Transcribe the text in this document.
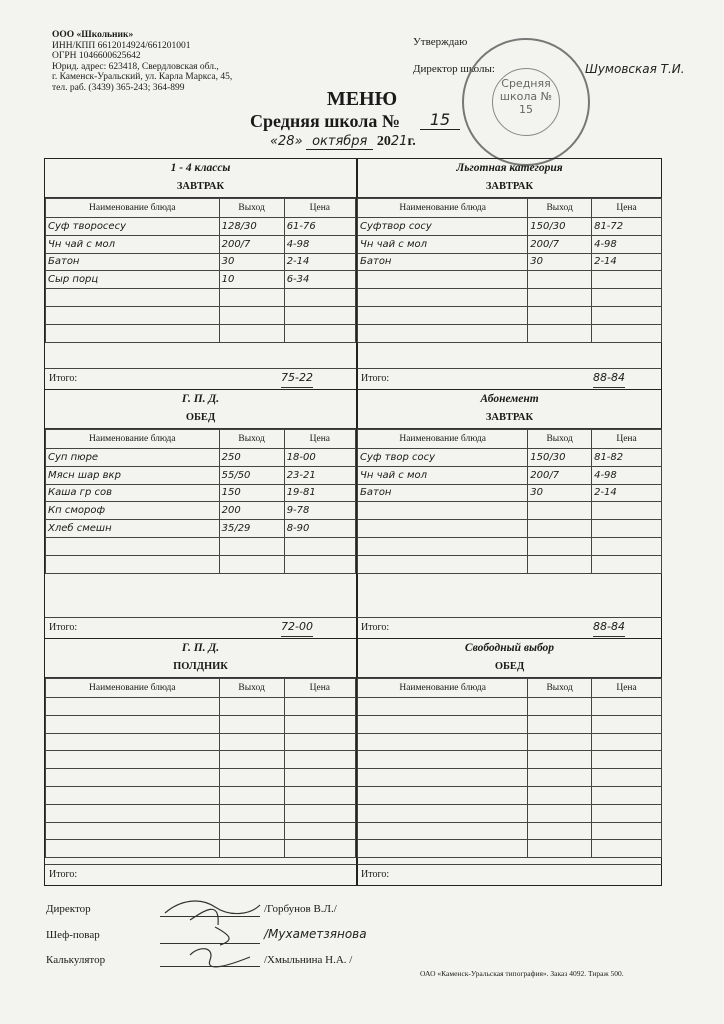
ООО «Школьник»
ИНН/КПП 6612014924/661201001
ОГРН 1046600625642
Юрид. адрес: 623418, Свердловская обл.,
г. Каменск-Уральский, ул. Карла Маркса, 45,
тел. раб. (3439) 365-243; 364-899
Утверждаю
Директор школы:	Шумовская Т.И.
Средняя школа № 15
МЕНЮ
Средняя школа №	15
«28» октября 2021г.
1 - 4 классы
ЗАВТРАК
Наименование блюда	Выход	Цена
Суф творосесу	128/30	61-76
Чн чай с мол	200/7	4-98
Батон	30	2-14
Сыр порц	10	6-34

Итого:	75-22
Льготная категория
ЗАВТРАК
Наименование блюда	Выход	Цена
Суфтвор сосу	150/30	81-72
Чн чай с мол	200/7	4-98
Батон	30	2-14

Итого:	88-84
Г. П. Д.
ОБЕД
Наименование блюда	Выход	Цена
Суп пюре	250	18-00
Мясн шар вкр	55/50	23-21
Каша гр сов	150	19-81
Кп смороф	200	9-78
Хлеб смешн	35/29	8-90

Итого:	72-00
Абонемент
ЗАВТРАК
Наименование блюда	Выход	Цена
Суф твор сосу	150/30	81-82
Чн чай с мол	200/7	4-98
Батон	30	2-14

Итого:	88-84
Г. П. Д.
ПОЛДНИК
Наименование блюда	Выход	Цена

Итого:
Свободный выбор
ОБЕД
Наименование блюда	Выход	Цена

Итого:
Директор
Шеф-повар
Калькулятор
/Горбунов В.Л./
/Мухаметзянова
/Хмыльнина Н.А. /
ОАО «Каменск-Уральская типография». Заказ 4092. Тираж 500.
